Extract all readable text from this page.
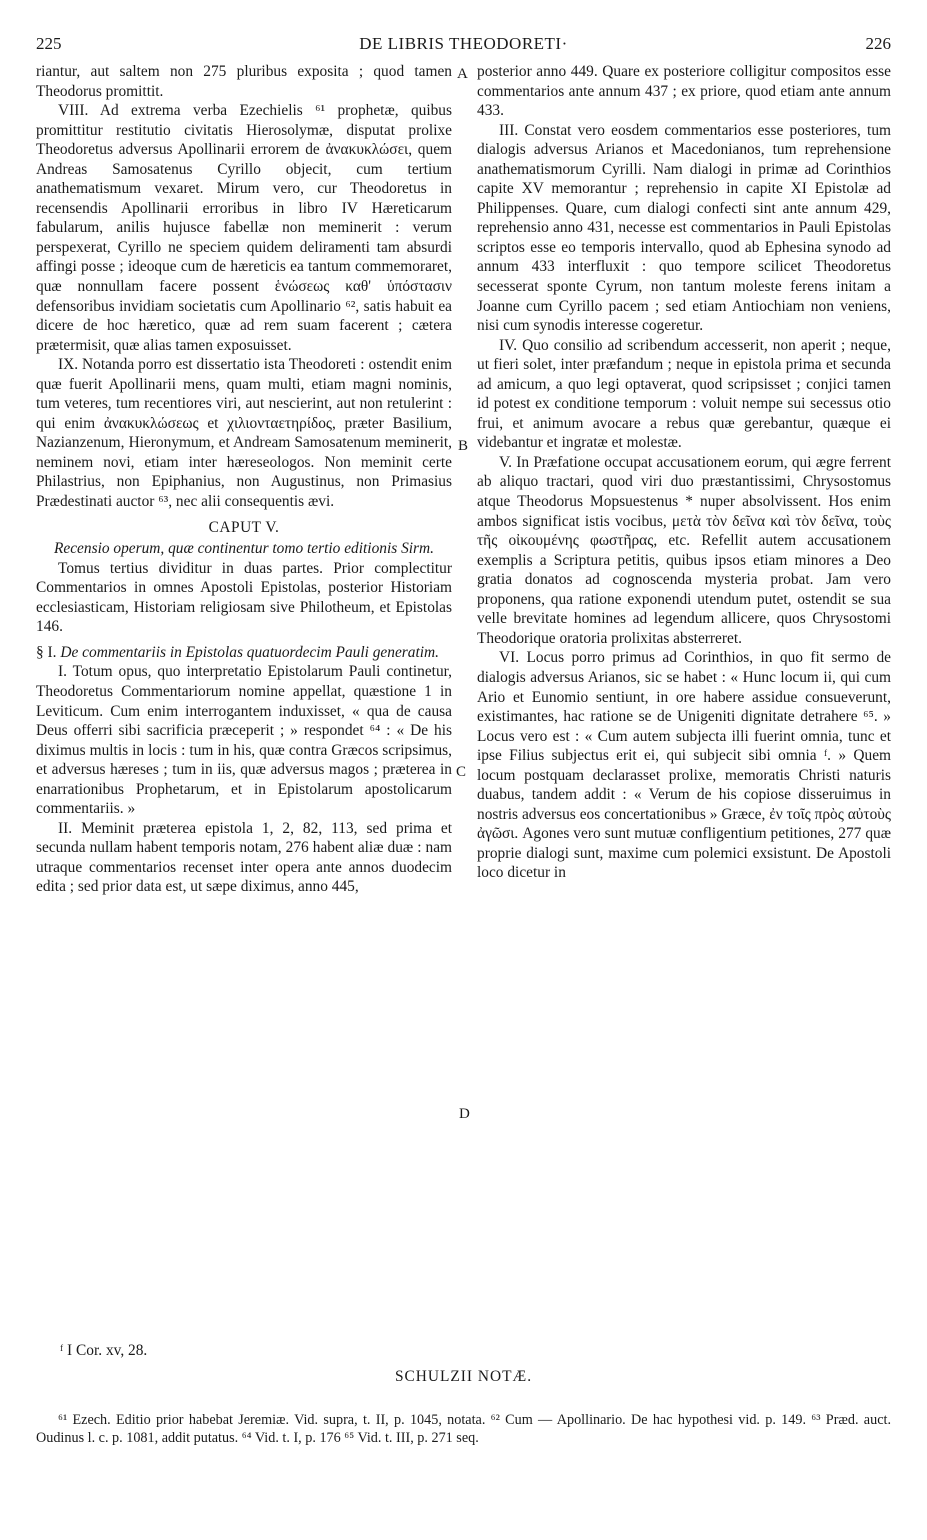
225	DE LIBRIS THEODORETI·	226

riantur, aut saltem non 275 pluribus exposita ; quod tamen Theodorus promittit.

VIII. Ad extrema verba Ezechielis ⁶¹ prophetæ, quibus promittitur restitutio civitatis Hierosolymæ, disputat prolixe Theodoretus adversus Apollinarii errorem de ἀνακυκλώσει, quem Andreas Samosatenus Cyrillo objecit, cum tertium anathematismum vexaret. Mirum vero, cur Theodoretus in recensendis Apollinarii erroribus in libro IV Hæreticarum fabularum, anilis hujusce fabellæ non meminerit : verum perspexerat, Cyrillo ne speciem quidem deliramenti tam absurdi affingi posse ; ideoque cum de hæreticis ea tantum commemoraret, quæ nonnullam facere possent ἑνώσεως καθ' ὑπόστασιν defensoribus invidiam societatis cum Apollinario ⁶², satis habuit ea dicere de hoc hæretico, quæ ad rem suam facerent ; cætera prætermisit, quæ alias tamen exposuisset.

IX. Notanda porro est dissertatio ista Theodoreti : ostendit enim quæ fuerit Apollinarii mens, quam multi, etiam magni nominis, tum veteres, tum recentiores viri, aut nescierint, aut non retulerint : qui enim ἀνακυκλώσεως et χιλιονταετηρίδος, præter Basilium, Nazianzenum, Hieronymum, et Andream Samosatenum meminerit, neminem novi, etiam inter hæreseologos. Non meminit certe Philastrius, non Epiphanius, non Augustinus, non Primasius Prædestinati auctor ⁶³, nec alii consequentis ævi.

CAPUT V.

Recensio operum, quæ continentur tomo tertio editionis Sirm.

Tomus tertius dividitur in duas partes. Prior complectitur Commentarios in omnes Apostoli Epistolas, posterior Historiam ecclesiasticam, Historiam religiosam sive Philotheum, et Epistolas 146.

§ I. De commentariis in Epistolas quatuordecim Pauli generatim.

I. Totum opus, quo interpretatio Epistolarum Pauli continetur, Theodoretus Commentariorum nomine appellat, quæstione 1 in Leviticum. Cum enim interrogantem induxisset, « qua de causa Deus offerri sibi sacrificia præceperit ; » respondet ⁶⁴ : « De his diximus multis in locis : tum in his, quæ contra Græcos scripsimus, et adversus hæreses ; tum in iis, quæ adversus magos ; præterea in enarrationibus Prophetarum, et in Epistolarum apostolicarum commentariis. »

II. Meminit præterea epistola 1, 2, 82, 113, sed prima et secunda nullam habent temporis notam, 276 habent aliæ duæ : nam utraque commentarios recenset inter opera ante annos duodecim edita ; sed prior data est, ut sæpe diximus, anno 445,

posterior anno 449. Quare ex posteriore colligitur compositos esse commentarios ante annum 437 ; ex priore, quod etiam ante annum 433.

III. Constat vero eosdem commentarios esse posteriores, tum dialogis adversus Arianos et Macedonianos, tum reprehensione anathematismorum Cyrilli. Nam dialogi in primæ ad Corinthios capite XV memorantur ; reprehensio in capite XI Epistolæ ad Philippenses. Quare, cum dialogi confecti sint ante annum 429, reprehensio anno 431, necesse est commentarios in Pauli Epistolas scriptos esse eo temporis intervallo, quod ab Ephesina synodo ad annum 433 interfluxit : quo tempore scilicet Theodoretus secesserat sponte Cyrum, non tantum moleste ferens initam a Joanne cum Cyrillo pacem ; sed etiam Antiochiam non veniens, nisi cum synodis interesse cogeretur.

IV. Quo consilio ad scribendum accesserit, non aperit ; neque, ut fieri solet, inter præfandum ; neque in epistola prima et secunda ad amicum, a quo legi optaverat, quod scripsisset ; conjici tamen id potest ex conditione temporum : voluit nempe sui secessus otio frui, et animum avocare a rebus quæ gerebantur, quæque ei videbantur et ingratæ et molestæ.

V. In Præfatione occupat accusationem eorum, qui ægre ferrent ab aliquo tractari, quod viri duo præstantissimi, Chrysostomus atque Theodorus Mopsuestenus * nuper absolvissent. Hos enim ambos significat istis vocibus, μετὰ τὸν δεῖνα καὶ τὸν δεῖνα, τοὺς τῆς οἰκουμένης φωστῆρας, etc. Refellit autem accusationem exemplis a Scriptura petitis, quibus ipsos etiam minores a Deo gratia donatos ad cognoscenda mysteria probat. Jam vero proponens, qua ratione exponendi utendum putet, ostendit se sua velle brevitate homines ad legendum allicere, quos Chrysostomi Theodorique oratoria prolixitas absterreret.

VI. Locus porro primus ad Corinthios, in quo fit sermo de dialogis adversus Arianos, sic se habet : « Hunc locum ii, qui cum Ario et Eunomio sentiunt, in ore habere assidue consueverunt, existimantes, hac ratione se de Unigeniti dignitate detrahere ⁶⁵. » Locus vero est : « Cum autem subjecta illi fuerint omnia, tunc et ipse Filius subjectus erit ei, qui subjecit sibi omnia ᶠ. » Quem locum postquam declarasset prolixe, memoratis Christi naturis duabus, tandem addit : « Verum de his copiose disseruimus in nostris adversus eos concertationibus » Græce, ἐν τοῖς πρὸς αὐτοὺς ἀγῶσι. Agones vero sunt mutuæ confligentium petitiones, 277 quæ proprie dialogi sunt, maxime cum polemici exsistunt. De Apostoli loco dicetur in

A
B
C
D
ᶠ I Cor. xv, 28.
SCHULZII NOTÆ.

⁶¹ Ezech. Editio prior habebat Jeremiæ. Vid. supra, t. II, p. 1045, notata. ⁶² Cum — Apollinario. De hac hypothesi vid. p. 149. ⁶³ Præd. auct. Oudinus l. c. p. 1081, addit putatus. ⁶⁴ Vid. t. I, p. 176 ⁶⁵ Vid. t. III, p. 271 seq.
